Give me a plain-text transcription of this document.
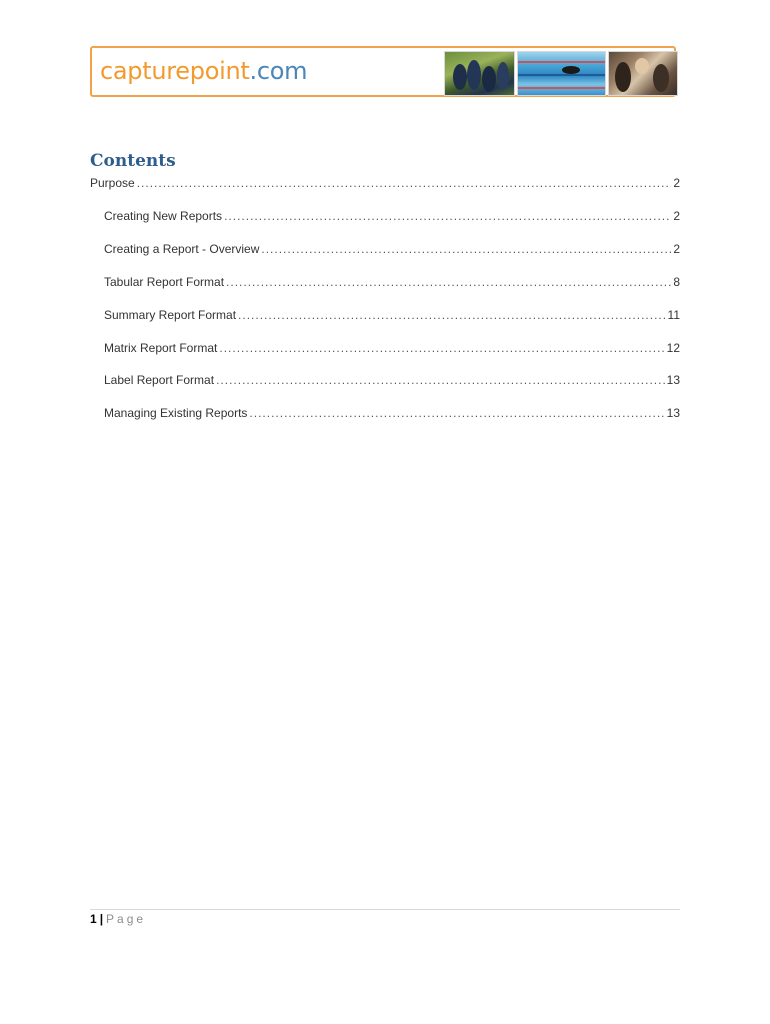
capturepoint.com
Contents
Purpose .....	2
Creating New Reports .....	2
Creating a Report - Overview .....	2
Tabular Report Format .....	8
Summary Report Format .....	11
Matrix Report Format .....	12
Label Report Format .....	13
Managing Existing Reports .....	13
1 | Page
